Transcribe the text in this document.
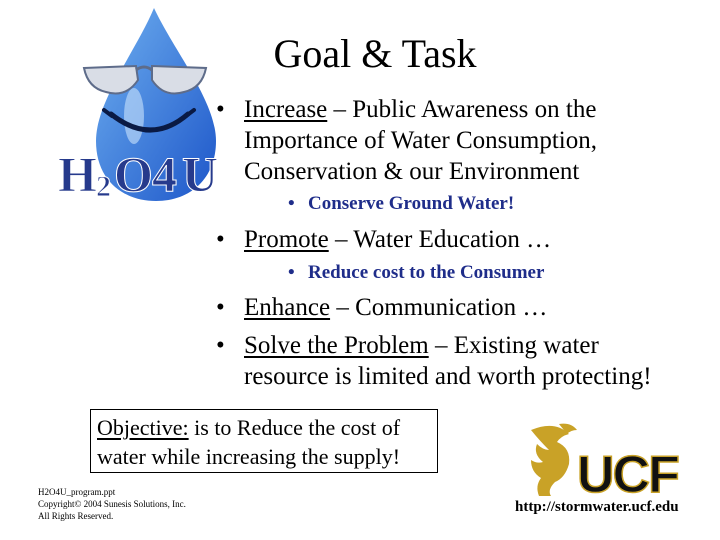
H 2 O 4 U
Goal & Task
• Increase – Public Awareness on the
Importance of Water Consumption,
Conservation & our Environment
• Conserve Ground Water!
• Promote – Water Education …
• Reduce cost to the Consumer
• Enhance – Communication …
• Solve the Problem – Existing water
resource is limited and worth protecting!
Objective: is to Reduce the cost of
water while increasing the supply!
H2O4U_program.ppt
Copyright© 2004 Sunesis Solutions, Inc.
All Rights Reserved.
UCF
http://stormwater.ucf.edu
